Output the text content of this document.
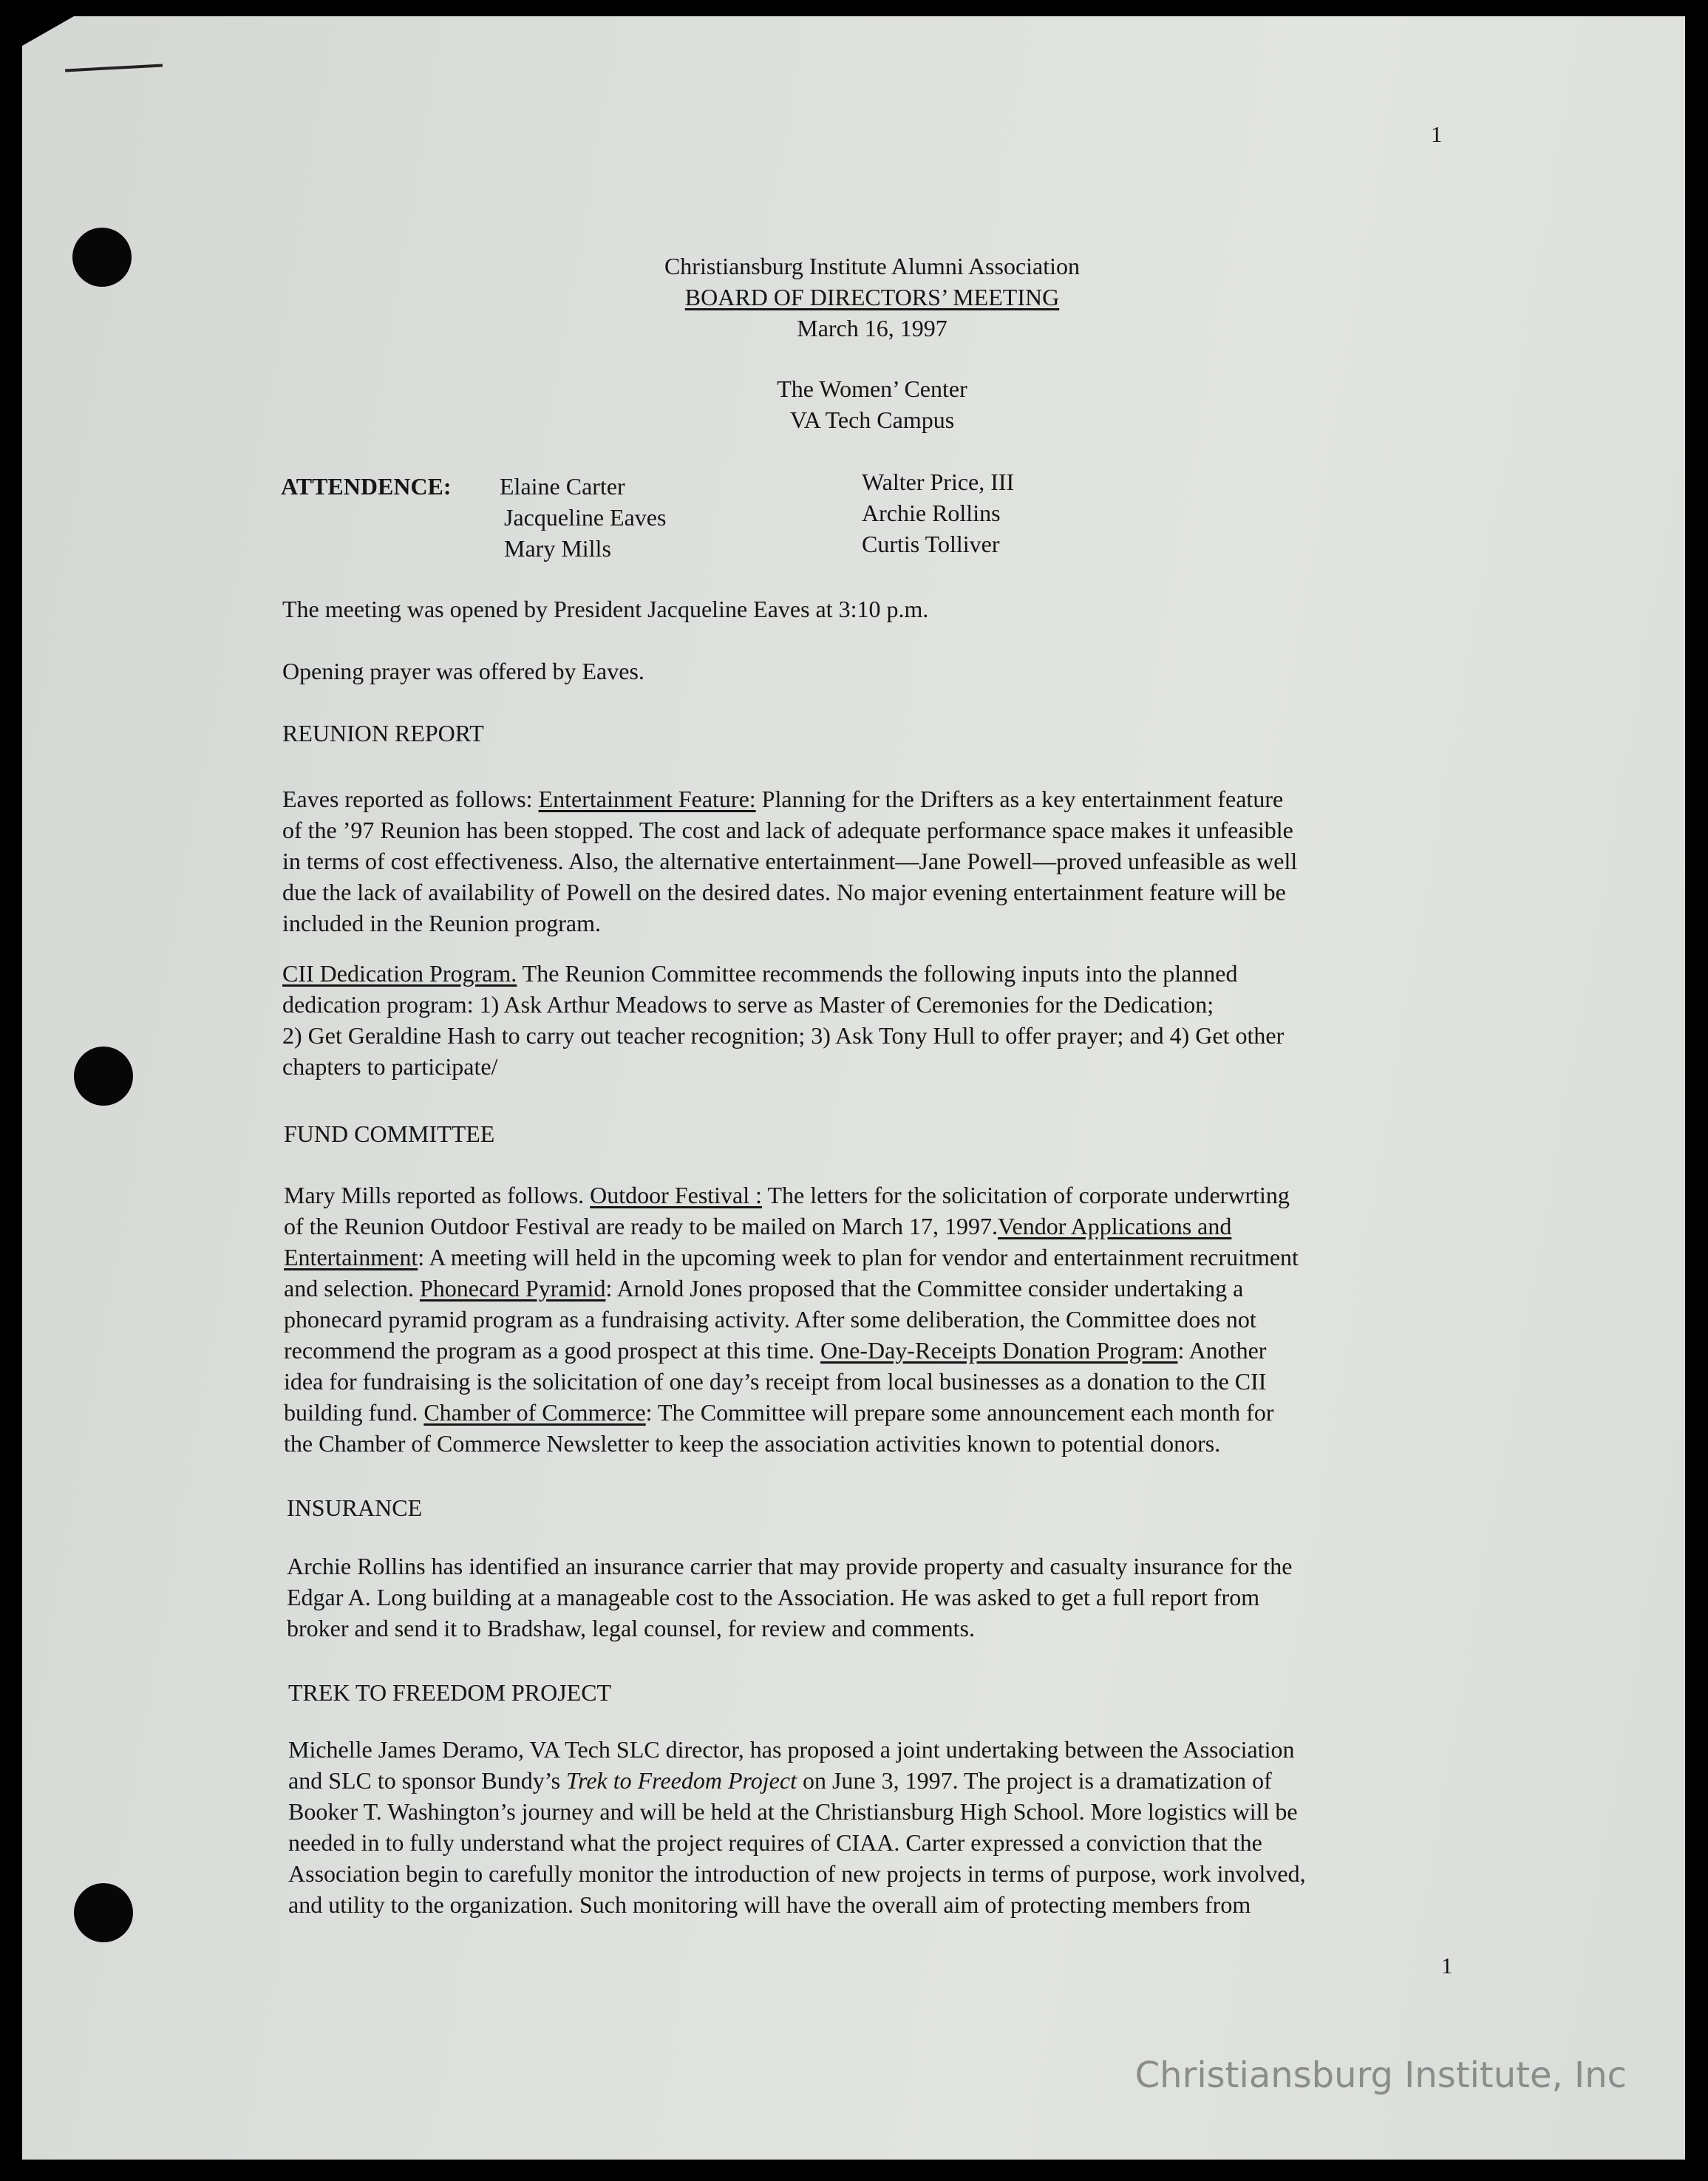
1
Christiansburg Institute Alumni Association
BOARD OF DIRECTORS’ MEETING
March 16, 1997
The Women’ Center
VA Tech Campus
ATTENDENCE: Elaine Carter
Jacqueline Eaves
Mary Mills
Walter Price, III
Archie Rollins
Curtis Tolliver
The meeting was opened by President Jacqueline Eaves at 3:10 p.m.
Opening prayer was offered by Eaves.
REUNION REPORT
Eaves reported as follows: Entertainment Feature: Planning for the Drifters as a key entertainment feature
of the ’97 Reunion has been stopped. The cost and lack of adequate performance space makes it unfeasible
in terms of cost effectiveness. Also, the alternative entertainment—Jane Powell—proved unfeasible as well
due the lack of availability of Powell on the desired dates. No major evening entertainment feature will be
included in the Reunion program.
CII Dedication Program. The Reunion Committee recommends the following inputs into the planned
dedication program: 1) Ask Arthur Meadows to serve as Master of Ceremonies for the Dedication;
2) Get Geraldine Hash to carry out teacher recognition; 3) Ask Tony Hull to offer prayer; and 4) Get other
chapters to participate/
FUND COMMITTEE
Mary Mills reported as follows. Outdoor Festival : The letters for the solicitation of corporate underwrting
of the Reunion Outdoor Festival are ready to be mailed on March 17, 1997.Vendor Applications and
Entertainment: A meeting will held in the upcoming week to plan for vendor and entertainment recruitment
and selection. Phonecard Pyramid: Arnold Jones proposed that the Committee consider undertaking a
phonecard pyramid program as a fundraising activity. After some deliberation, the Committee does not
recommend the program as a good prospect at this time. One-Day-Receipts Donation Program: Another
idea for fundraising is the solicitation of one day’s receipt from local businesses as a donation to the CII
building fund. Chamber of Commerce: The Committee will prepare some announcement each month for
the Chamber of Commerce Newsletter to keep the association activities known to potential donors.
INSURANCE
Archie Rollins has identified an insurance carrier that may provide property and casualty insurance for the
Edgar A. Long building at a manageable cost to the Association. He was asked to get a full report from
broker and send it to Bradshaw, legal counsel, for review and comments.
TREK TO FREEDOM PROJECT
Michelle James Deramo, VA Tech SLC director, has proposed a joint undertaking between the Association
and SLC to sponsor Bundy’s Trek to Freedom Project on June 3, 1997. The project is a dramatization of
Booker T. Washington’s journey and will be held at the Christiansburg High School. More logistics will be
needed in to fully understand what the project requires of CIAA. Carter expressed a conviction that the
Association begin to carefully monitor the introduction of new projects in terms of purpose, work involved,
and utility to the organization. Such monitoring will have the overall aim of protecting members from
1
Christiansburg Institute, Inc
